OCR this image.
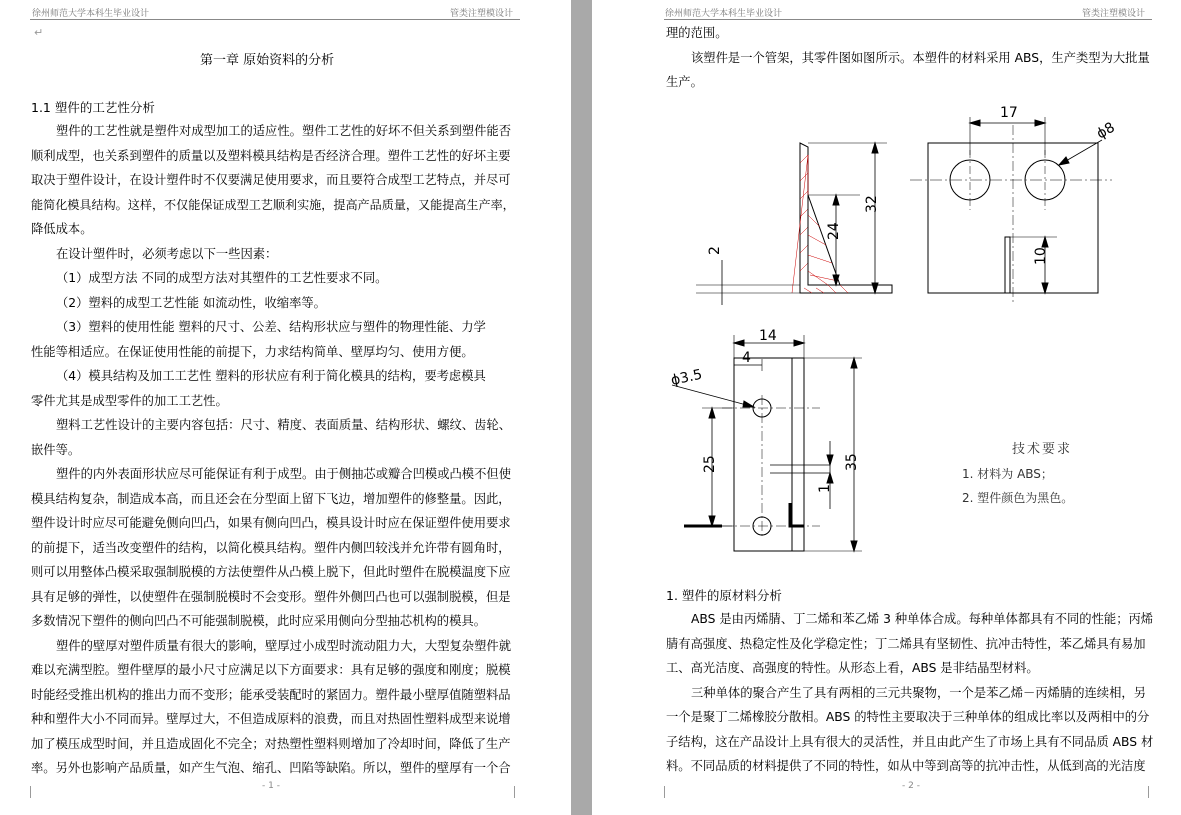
徐州师范大学本科生毕业设计	管类注塑模设计
↵
第一章 原始资料的分析
1.1 塑件的工艺性分析
塑件的工艺性就是塑件对成型加工的适应性。塑件工艺性的好坏不但关系到塑件能否
顺利成型，也关系到塑件的质量以及塑料模具结构是否经济合理。塑件工艺性的好坏主要
取决于塑件设计，在设计塑件时不仅要满足使用要求，而且要符合成型工艺特点，并尽可
能简化模具结构。这样，不仅能保证成型工艺顺利实施，提高产品质量，又能提高生产率，
降低成本。
在设计塑件时，必须考虑以下一些因素：
（1）成型方法 不同的成型方法对其塑件的工艺性要求不同。
（2）塑料的成型工艺性能 如流动性，收缩率等。
（3）塑料的使用性能 塑料的尺寸、公差、结构形状应与塑件的物理性能、力学
性能等相适应。在保证使用性能的前提下，力求结构简单、壁厚均匀、使用方便。
（4）模具结构及加工工艺性 塑料的形状应有利于简化模具的结构，要考虑模具
零件尤其是成型零件的加工工艺性。
塑料工艺性设计的主要内容包括：尺寸、精度、表面质量、结构形状、螺纹、齿轮、
嵌件等。
塑件的内外表面形状应尽可能保证有利于成型。由于侧抽芯或瓣合凹模或凸模不但使
模具结构复杂，制造成本高，而且还会在分型面上留下飞边，增加塑件的修整量。因此，
塑件设计时应尽可能避免侧向凹凸，如果有侧向凹凸，模具设计时应在保证塑件使用要求
的前提下，适当改变塑件的结构，以简化模具结构。塑件内侧凹较浅并允许带有圆角时，
则可以用整体凸模采取强制脱模的方法使塑件从凸模上脱下，但此时塑件在脱模温度下应
具有足够的弹性，以使塑件在强制脱模时不会变形。塑件外侧凹凸也可以强制脱模，但是
多数情况下塑件的侧向凹凸不可能强制脱模，此时应采用侧向分型抽芯机构的模具。
塑件的壁厚对塑件质量有很大的影响，壁厚过小成型时流动阻力大，大型复杂塑件就
难以充满型腔。塑件壁厚的最小尺寸应满足以下方面要求：具有足够的强度和刚度；脱模
时能经受推出机构的推出力而不变形；能承受装配时的紧固力。塑件最小壁厚值随塑料品
种和塑件大小不同而异。壁厚过大，不但造成原料的浪费，而且对热固性塑料成型来说增
加了模压成型时间，并且造成固化不完全；对热塑性塑料则增加了冷却时间，降低了生产
率。另外也影响产品质量，如产生气泡、缩孔、凹陷等缺陷。所以，塑件的壁厚有一个合
- 1 -
徐州师范大学本科生毕业设计	管类注塑模设计
理的范围。
该塑件是一个管架，其零件图如图所示。本塑件的材料采用 ABS，生产类型为大批量
生产。
2
24
32
17
ϕ8
10
14
4
ϕ3.5
25	35
1
技术要求
1. 材料为 ABS；
2. 塑件颜色为黑色。
1. 塑件的原材料分析
ABS 是由丙烯腈、丁二烯和苯乙烯 3 种单体合成。每种单体都具有不同的性能；丙烯
腈有高强度、热稳定性及化学稳定性；丁二烯具有坚韧性、抗冲击特性，苯乙烯具有易加
工、高光洁度、高强度的特性。从形态上看，ABS 是非结晶型材料。
三种单体的聚合产生了具有两相的三元共聚物，一个是苯乙烯－丙烯腈的连续相，另
一个是聚丁二烯橡胶分散相。ABS 的特性主要取决于三种单体的组成比率以及两相中的分
子结构，这在产品设计上具有很大的灵活性，并且由此产生了市场上具有不同品质 ABS 材
料。不同品质的材料提供了不同的特性，如从中等到高等的抗冲击性，从低到高的光洁度
- 2 -
